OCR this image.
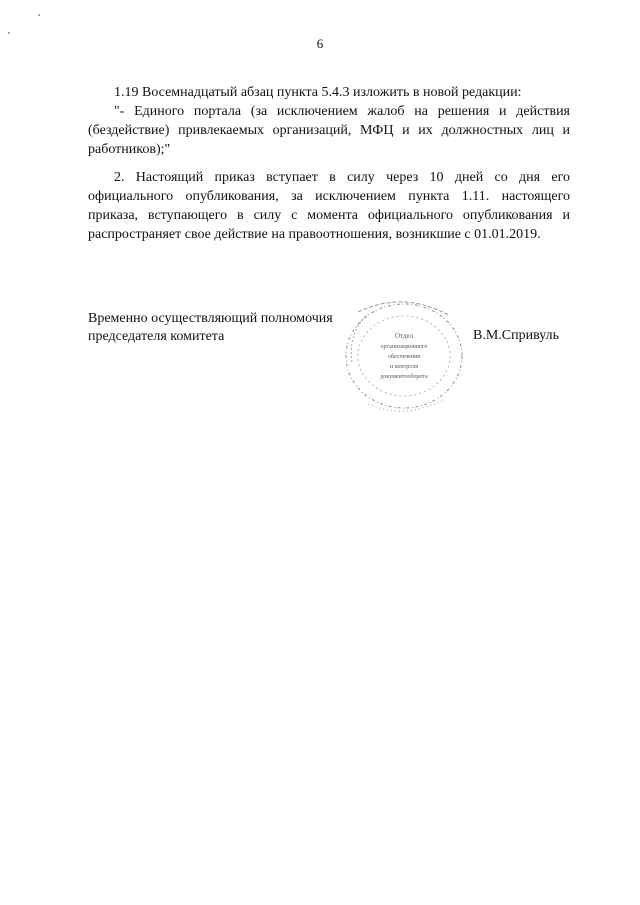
6

1.19 Восемнадцатый абзац пункта 5.4.3 изложить в новой редакции:

"- Единого портала (за исключением жалоб на решения и действия (бездействие) привлекаемых организаций, МФЦ и их должностных лиц и работников);"

2. Настоящий приказ вступает в силу через 10 дней со дня его официального опубликования, за исключением пункта 1.11. настоящего приказа, вступающего в силу с момента официального опубликования и распространяет свое действие на правоотношения, возникшие с 01.01.2019.

Временно осуществляющий полномочия
председателя комитета	Отдел
организационного
обеспечения
и контроля
документооборота
В.М.Спривуль
